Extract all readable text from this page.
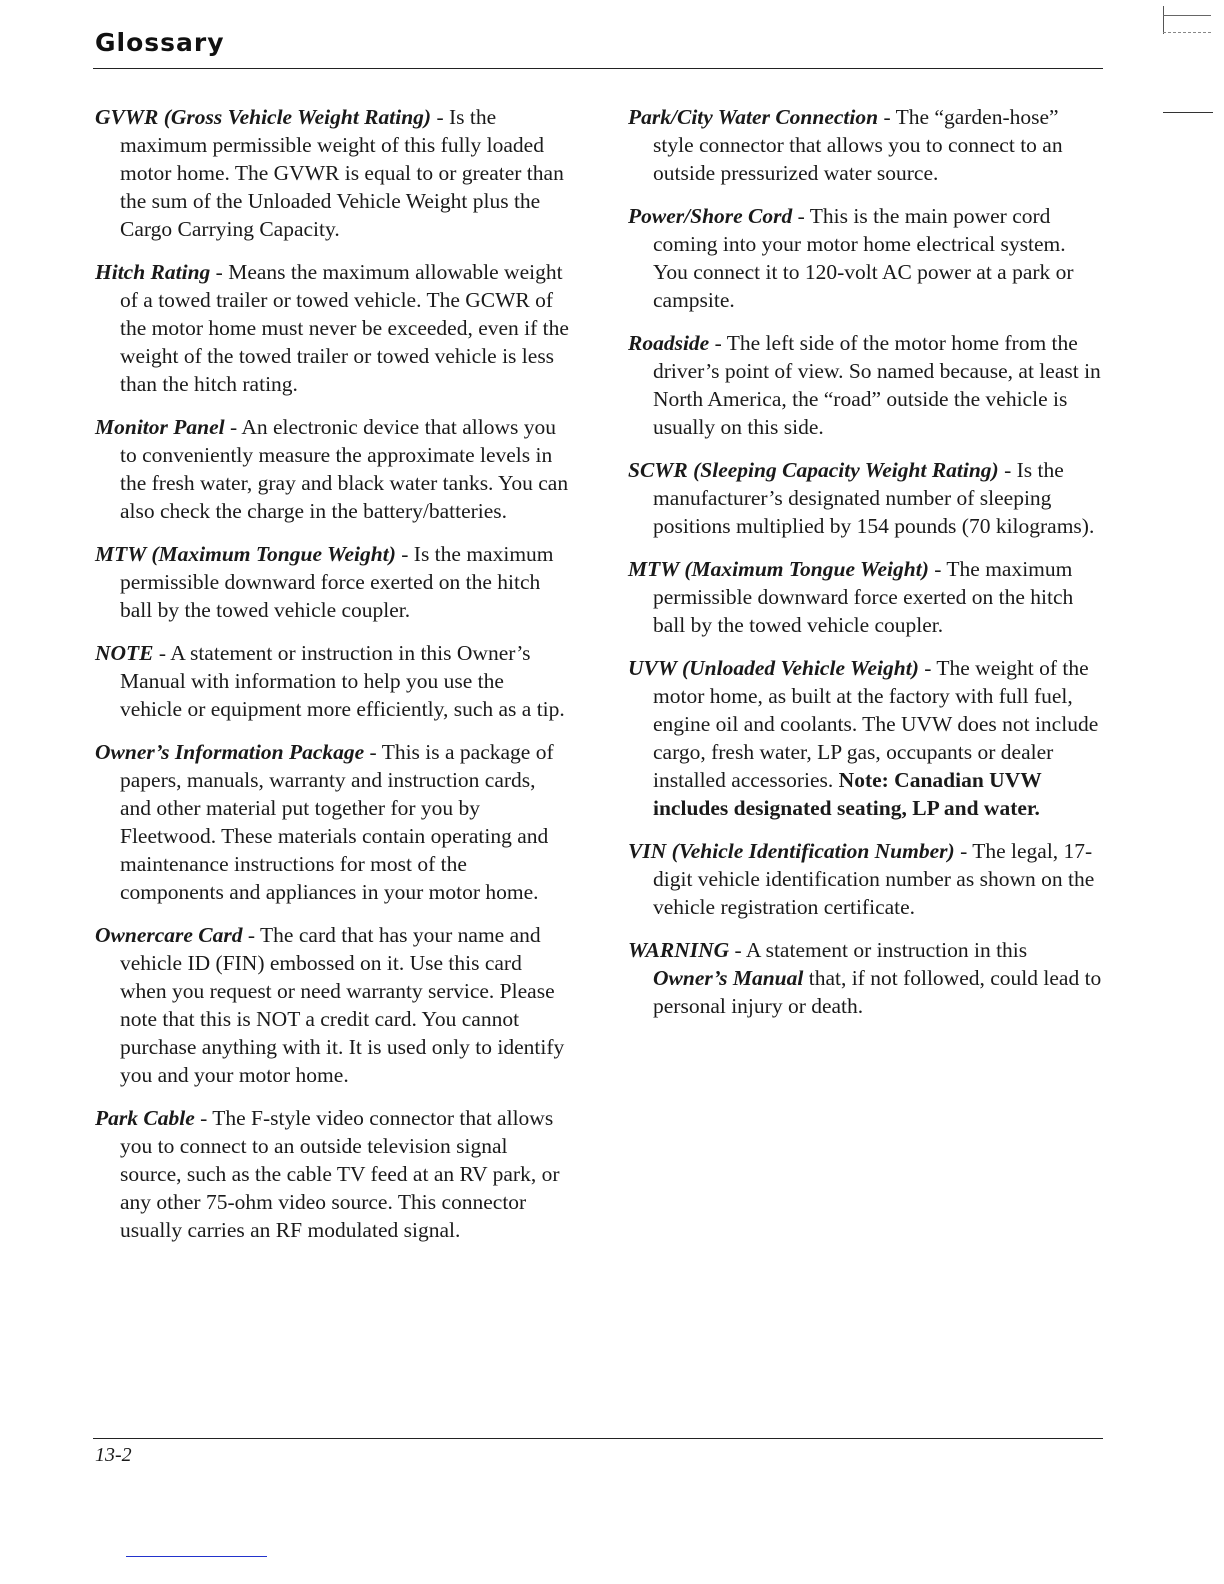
Glossary

GVWR (Gross Vehicle Weight Rating) - Is the maximum permissible weight of this fully loaded motor home. The GVWR is equal to or greater than the sum of the Unloaded Vehicle Weight plus the Cargo Carrying Capacity.

Hitch Rating - Means the maximum allowable weight of a towed trailer or towed vehicle. The GCWR of the motor home must never be exceeded, even if the weight of the towed trailer or towed vehicle is less than the hitch rating.

Monitor Panel - An electronic device that allows you to conveniently measure the approximate levels in the fresh water, gray and black water tanks. You can also check the charge in the battery/batteries.

MTW (Maximum Tongue Weight) - Is the maximum permissible downward force exerted on the hitch ball by the towed vehicle coupler.

NOTE - A statement or instruction in this Owner’s Manual with information to help you use the vehicle or equipment more efficiently, such as a tip.

Owner’s Information Package - This is a package of papers, manuals, warranty and instruction cards, and other material put together for you by Fleetwood. These materials contain operating and maintenance instructions for most of the components and appliances in your motor home.

Ownercare Card - The card that has your name and vehicle ID (FIN) embossed on it. Use this card when you request or need warranty service. Please note that this is NOT a credit card. You cannot purchase anything with it. It is used only to identify you and your motor home.

Park Cable - The F-style video connector that allows you to connect to an outside television signal source, such as the cable TV feed at an RV park, or any other 75-ohm video source. This connector usually carries an RF modulated signal.

Park/City Water Connection - The “garden-hose” style connector that allows you to connect to an outside pressurized water source.

Power/Shore Cord - This is the main power cord coming into your motor home electrical system. You connect it to 120-volt AC power at a park or campsite.

Roadside - The left side of the motor home from the driver’s point of view. So named because, at least in North America, the “road” outside the vehicle is usually on this side.

SCWR (Sleeping Capacity Weight Rating) - Is the manufacturer’s designated number of sleeping positions multiplied by 154 pounds (70 kilograms).

MTW (Maximum Tongue Weight) - The maximum permissible downward force exerted on the hitch ball by the towed vehicle coupler.

UVW (Unloaded Vehicle Weight) - The weight of the motor home, as built at the factory with full fuel, engine oil and coolants. The UVW does not include cargo, fresh water, LP gas, occupants or dealer installed accessories. Note: Canadian UVW includes designated seating, LP and water.

VIN (Vehicle Identification Number) - The legal, 17-digit vehicle identification number as shown on the vehicle registration certificate.

WARNING - A statement or instruction in this Owner’s Manual that, if not followed, could lead to personal injury or death.

13-2
